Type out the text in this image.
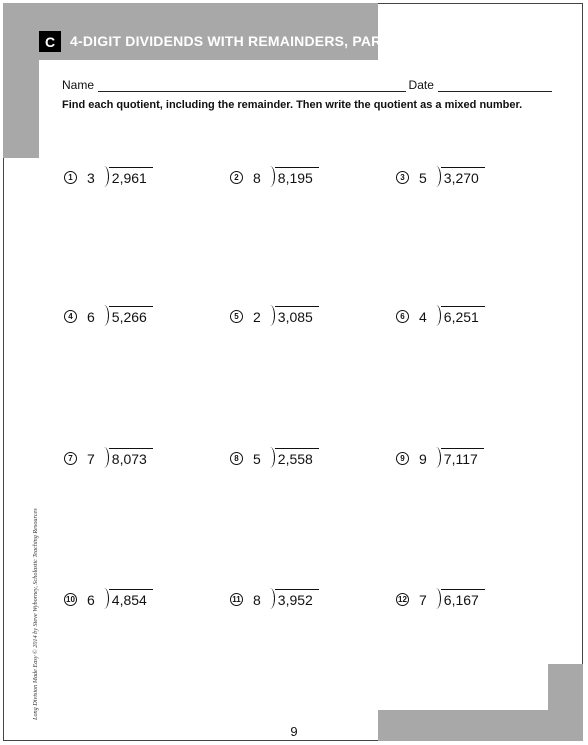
C	4-DIGIT DIVIDENDS WITH REMAINDERS, PART 2
Name	Date
Find each quotient, including the remainder. Then write the quotient as a mixed number.
1	3 2,961	2	8 8,195	3	5 3,270
4	6 5,266	5	2 3,085	6	4 6,251
7	7 8,073	8	5 2,558	9	9 7,117
10 6 4,854	11 8 3,952	12 7 6,167
9
Long Division Made Easy © 2014 by Steve Wyborney, Scholastic Teaching Resources
